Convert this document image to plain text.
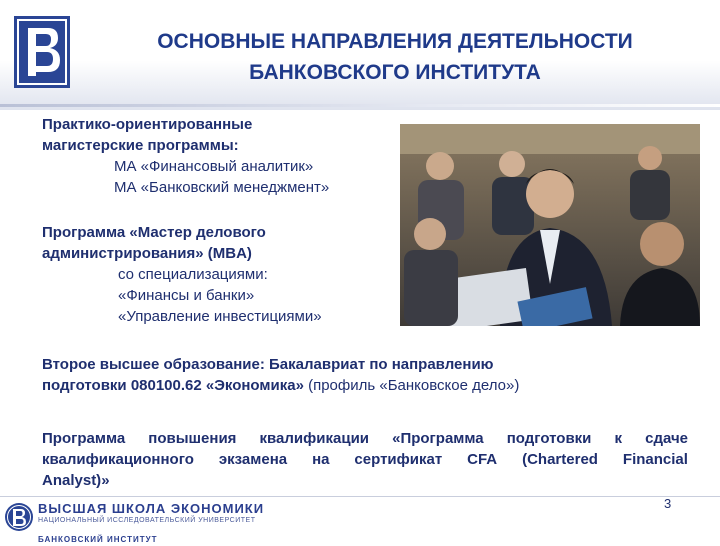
ОСНОВНЫЕ НАПРАВЛЕНИЯ ДЕЯТЕЛЬНОСТИ
БАНКОВСКОГО ИНСТИТУТА
Практико-ориентированные
магистерские программы:
МА «Финансовый аналитик»
МА «Банковский менеджмент»
Программа «Мастер делового
администрирования» (MBA)
со специализациями:
«Финансы и банки»
«Управление инвестициями»
Второе высшее образование: Бакалавриат по направлению
подготовки 080100.62 «Экономика» (профиль «Банковское дело»)
Программа повышения квалификации «Программа подготовки к сдаче
квалификационного экзамена на сертификат CFA (Chartered Financial
Analyst)»
ВЫСШАЯ ШКОЛА ЭКОНОМИКИ
НАЦИОНАЛЬНЫЙ ИССЛЕДОВАТЕЛЬСКИЙ УНИВЕРСИТЕТ
БАНКОВСКИЙ ИНСТИТУТ
3
